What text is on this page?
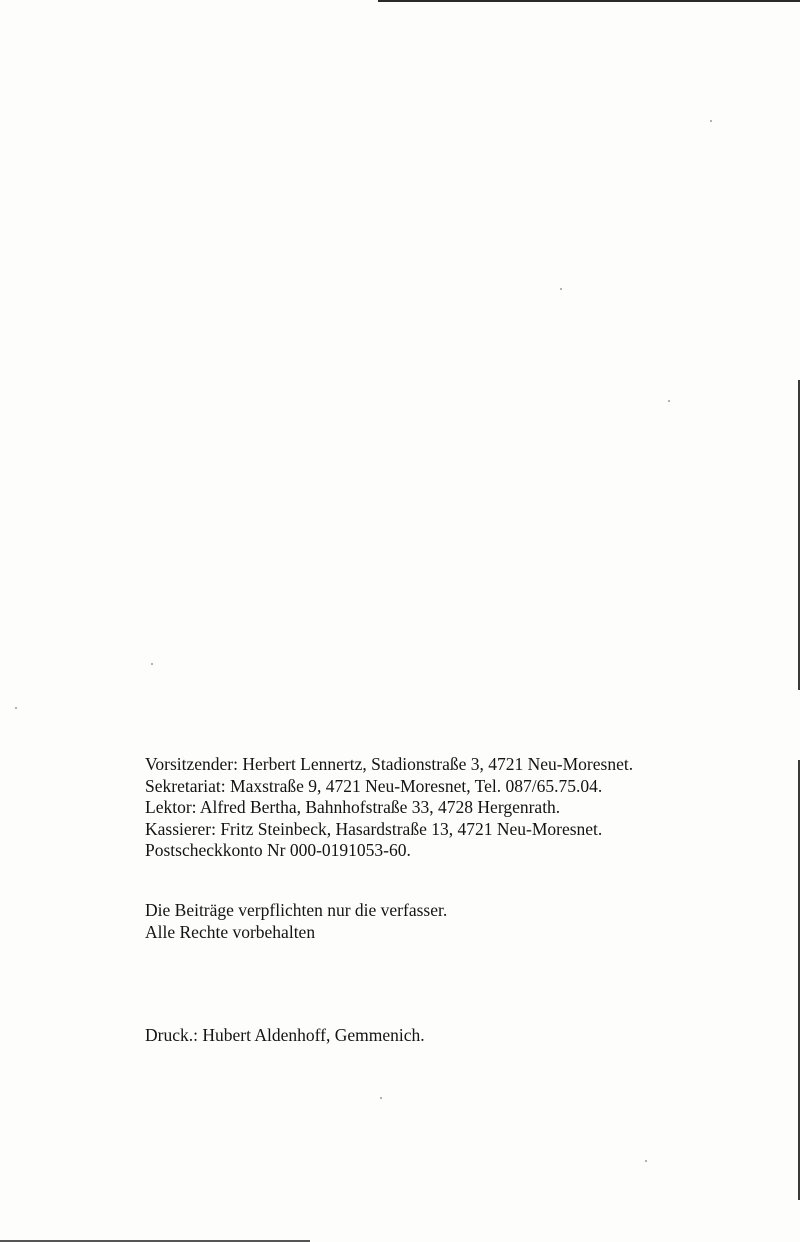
Vorsitzender: Herbert Lennertz, Stadionstraße 3, 4721 Neu-Moresnet.
Sekretariat: Maxstraße 9, 4721 Neu-Moresnet, Tel. 087/65.75.04.
Lektor: Alfred Bertha, Bahnhofstraße 33, 4728 Hergenrath.
Kassierer: Fritz Steinbeck, Hasardstraße 13, 4721 Neu-Moresnet.
Postscheckkonto Nr 000-0191053-60.
Die Beiträge verpflichten nur die verfasser.
Alle Rechte vorbehalten
Druck.: Hubert Aldenhoff, Gemmenich.
